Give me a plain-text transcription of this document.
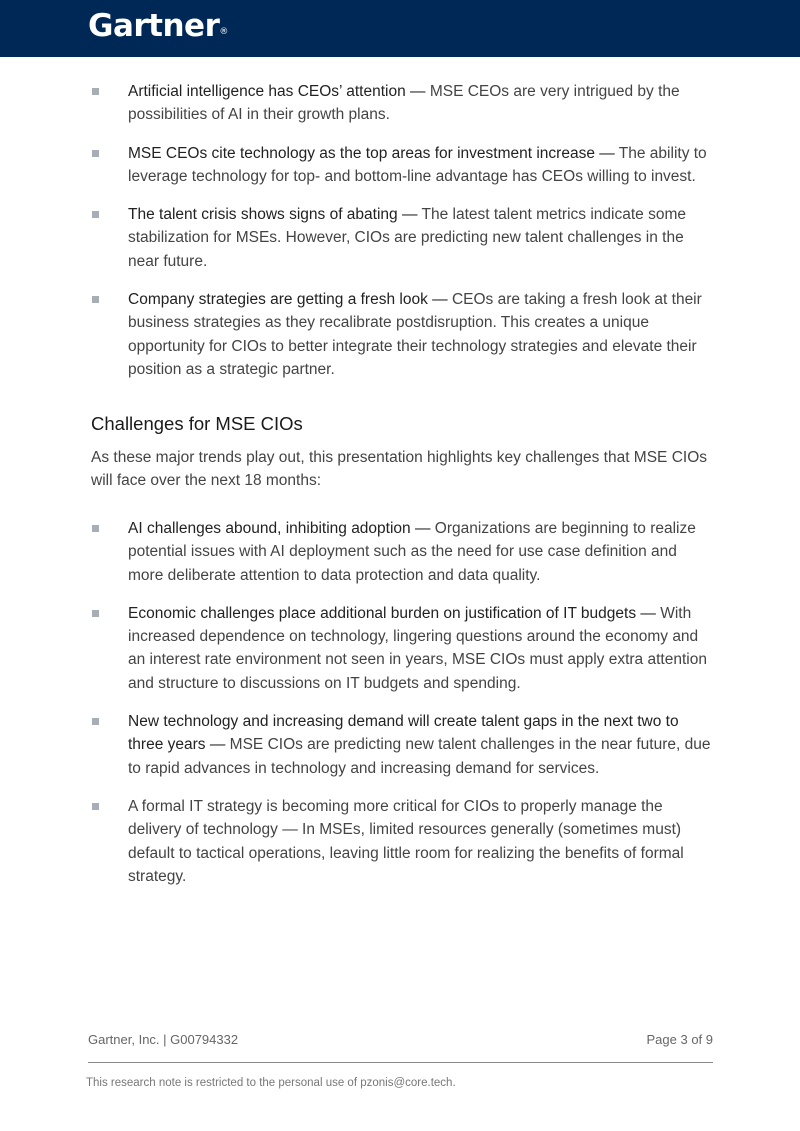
Gartner®
Artificial intelligence has CEOs’ attention — MSE CEOs are very intrigued by the possibilities of AI in their growth plans.
MSE CEOs cite technology as the top areas for investment increase — The ability to leverage technology for top- and bottom-line advantage has CEOs willing to invest.
The talent crisis shows signs of abating — The latest talent metrics indicate some stabilization for MSEs. However, CIOs are predicting new talent challenges in the near future.
Company strategies are getting a fresh look — CEOs are taking a fresh look at their business strategies as they recalibrate postdisruption. This creates a unique opportunity for CIOs to better integrate their technology strategies and elevate their position as a strategic partner.
Challenges for MSE CIOs

As these major trends play out, this presentation highlights key challenges that MSE CIOs will face over the next 18 months:

AI challenges abound, inhibiting adoption — Organizations are beginning to realize potential issues with AI deployment such as the need for use case definition and more deliberate attention to data protection and data quality.
Economic challenges place additional burden on justification of IT budgets — With increased dependence on technology, lingering questions around the economy and an interest rate environment not seen in years, MSE CIOs must apply extra attention and structure to discussions on IT budgets and spending.
New technology and increasing demand will create talent gaps in the next two to three years — MSE CIOs are predicting new talent challenges in the near future, due to rapid advances in technology and increasing demand for services.
A formal IT strategy is becoming more critical for CIOs to properly manage the delivery of technology — In MSEs, limited resources generally (sometimes must) default to tactical operations, leaving little room for realizing the benefits of formal strategy.
Gartner, Inc. | G00794332	Page 3 of 9
This research note is restricted to the personal use of pzonis@core.tech.
